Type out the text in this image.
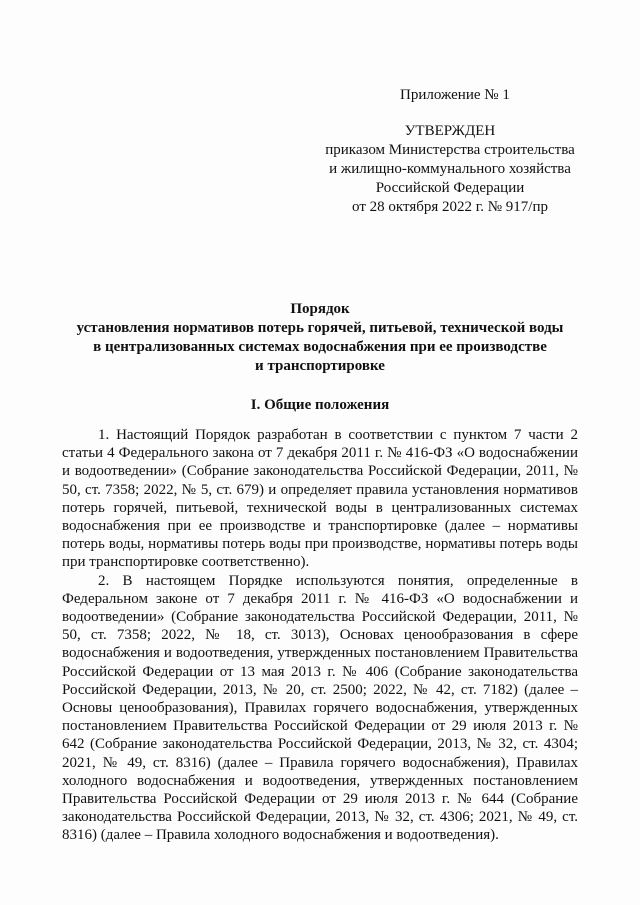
Приложение № 1
УТВЕРЖДЕН
приказом Министерства строительства
и жилищно-коммунального хозяйства
Российской Федерации
от 28 октября 2022 г. № 917/пр
Порядок
установления нормативов потерь горячей, питьевой, технической воды
в централизованных системах водоснабжения при ее производстве
и транспортировке
I. Общие положения

1. Настоящий Порядок разработан в соответствии с пунктом 7 части 2 статьи 4 Федерального закона от 7 декабря 2011 г. № 416-ФЗ «О водоснабжении и водоотведении» (Собрание законодательства Российской Федерации, 2011, № 50, ст. 7358; 2022, № 5, ст. 679) и определяет правила установления нормативов потерь горячей, питьевой, технической воды в централизованных системах водоснабжения при ее производстве и транспортировке (далее – нормативы потерь воды, нормативы потерь воды при производстве, нормативы потерь воды при транспортировке соответственно).

2. В настоящем Порядке используются понятия, определенные в Федеральном законе от 7 декабря 2011 г. № 416-ФЗ «О водоснабжении и водоотведении» (Собрание законодательства Российской Федерации, 2011, № 50, ст. 7358; 2022, № 18, ст. 3013), Основах ценообразования в сфере водоснабжения и водоотведения, утвержденных постановлением Правительства Российской Федерации от 13 мая 2013 г. № 406 (Собрание законодательства Российской Федерации, 2013, № 20, ст. 2500; 2022, № 42, ст. 7182) (далее – Основы ценообразования), Правилах горячего водоснабжения, утвержденных постановлением Правительства Российской Федерации от 29 июля 2013 г. № 642 (Собрание законодательства Российской Федерации, 2013, № 32, ст. 4304; 2021, № 49, ст. 8316) (далее – Правила горячего водоснабжения), Правилах холодного водоснабжения и водоотведения, утвержденных постановлением Правительства Российской Федерации от 29 июля 2013 г. № 644 (Собрание законодательства Российской Федерации, 2013, № 32, ст. 4306; 2021, № 49, ст. 8316) (далее – Правила холодного водоснабжения и водоотведения).
